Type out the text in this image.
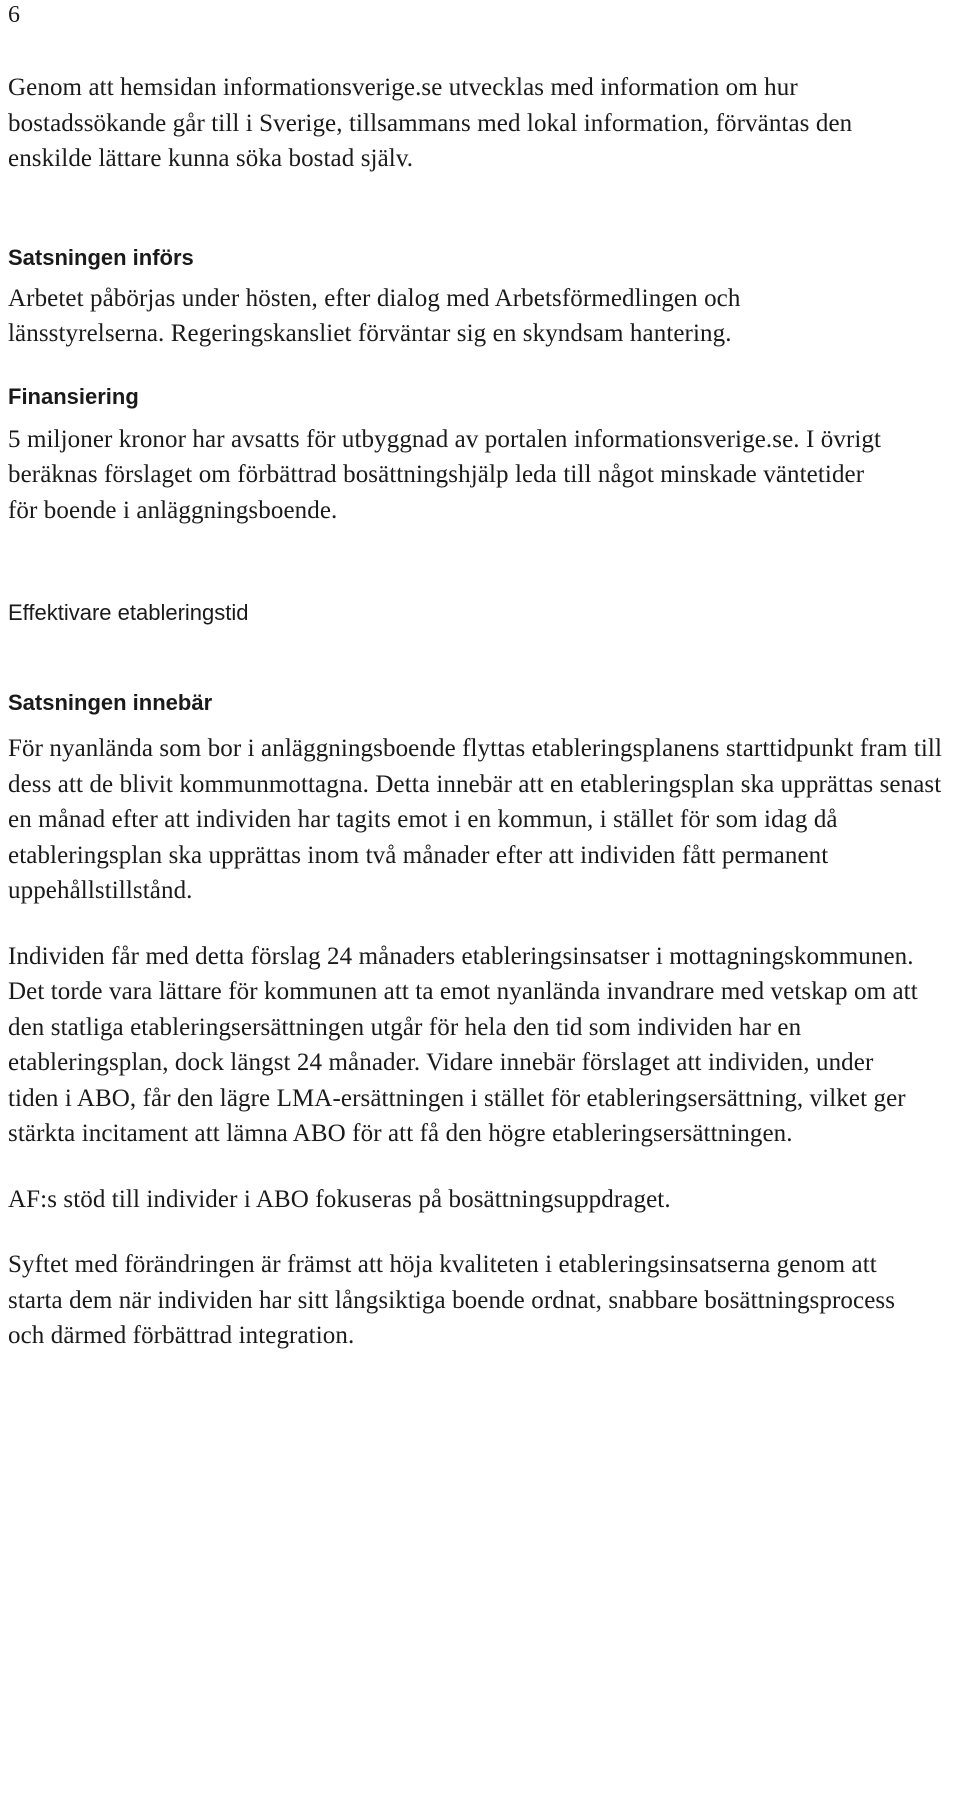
6

Genom att hemsidan informationsverige.se utvecklas med information om hur bostadssökande går till i Sverige, tillsammans med lokal information, förväntas den enskilde lättare kunna söka bostad själv.

Satsningen införs

Arbetet påbörjas under hösten, efter dialog med Arbetsförmedlingen och länsstyrelserna. Regeringskansliet förväntar sig en skyndsam hantering.

Finansiering

5 miljoner kronor har avsatts för utbyggnad av portalen informationsverige.se. I övrigt beräknas förslaget om förbättrad bosättningshjälp leda till något minskade väntetider för boende i anläggningsboende.

Effektivare etableringstid
Satsningen innebär

För nyanlända som bor i anläggningsboende flyttas etableringsplanens starttidpunkt fram till dess att de blivit kommunmottagna. Detta innebär att en etableringsplan ska upprättas senast en månad efter att individen har tagits emot i en kommun, i stället för som idag då etableringsplan ska upprättas inom två månader efter att individen fått permanent uppehållstillstånd.

Individen får med detta förslag 24 månaders etableringsinsatser i mottagningskommunen. Det torde vara lättare för kommunen att ta emot nyanlända invandrare med vetskap om att den statliga etableringsersättningen utgår för hela den tid som individen har en etableringsplan, dock längst 24 månader. Vidare innebär förslaget att individen, under tiden i ABO, får den lägre LMA-ersättningen i stället för etableringsersättning, vilket ger stärkta incitament att lämna ABO för att få den högre etableringsersättningen.

AF:s stöd till individer i ABO fokuseras på bosättningsuppdraget.

Syftet med förändringen är främst att höja kvaliteten i etableringsinsatserna genom att starta dem när individen har sitt långsiktiga boende ordnat, snabbare bosättningsprocess och därmed förbättrad integration.
